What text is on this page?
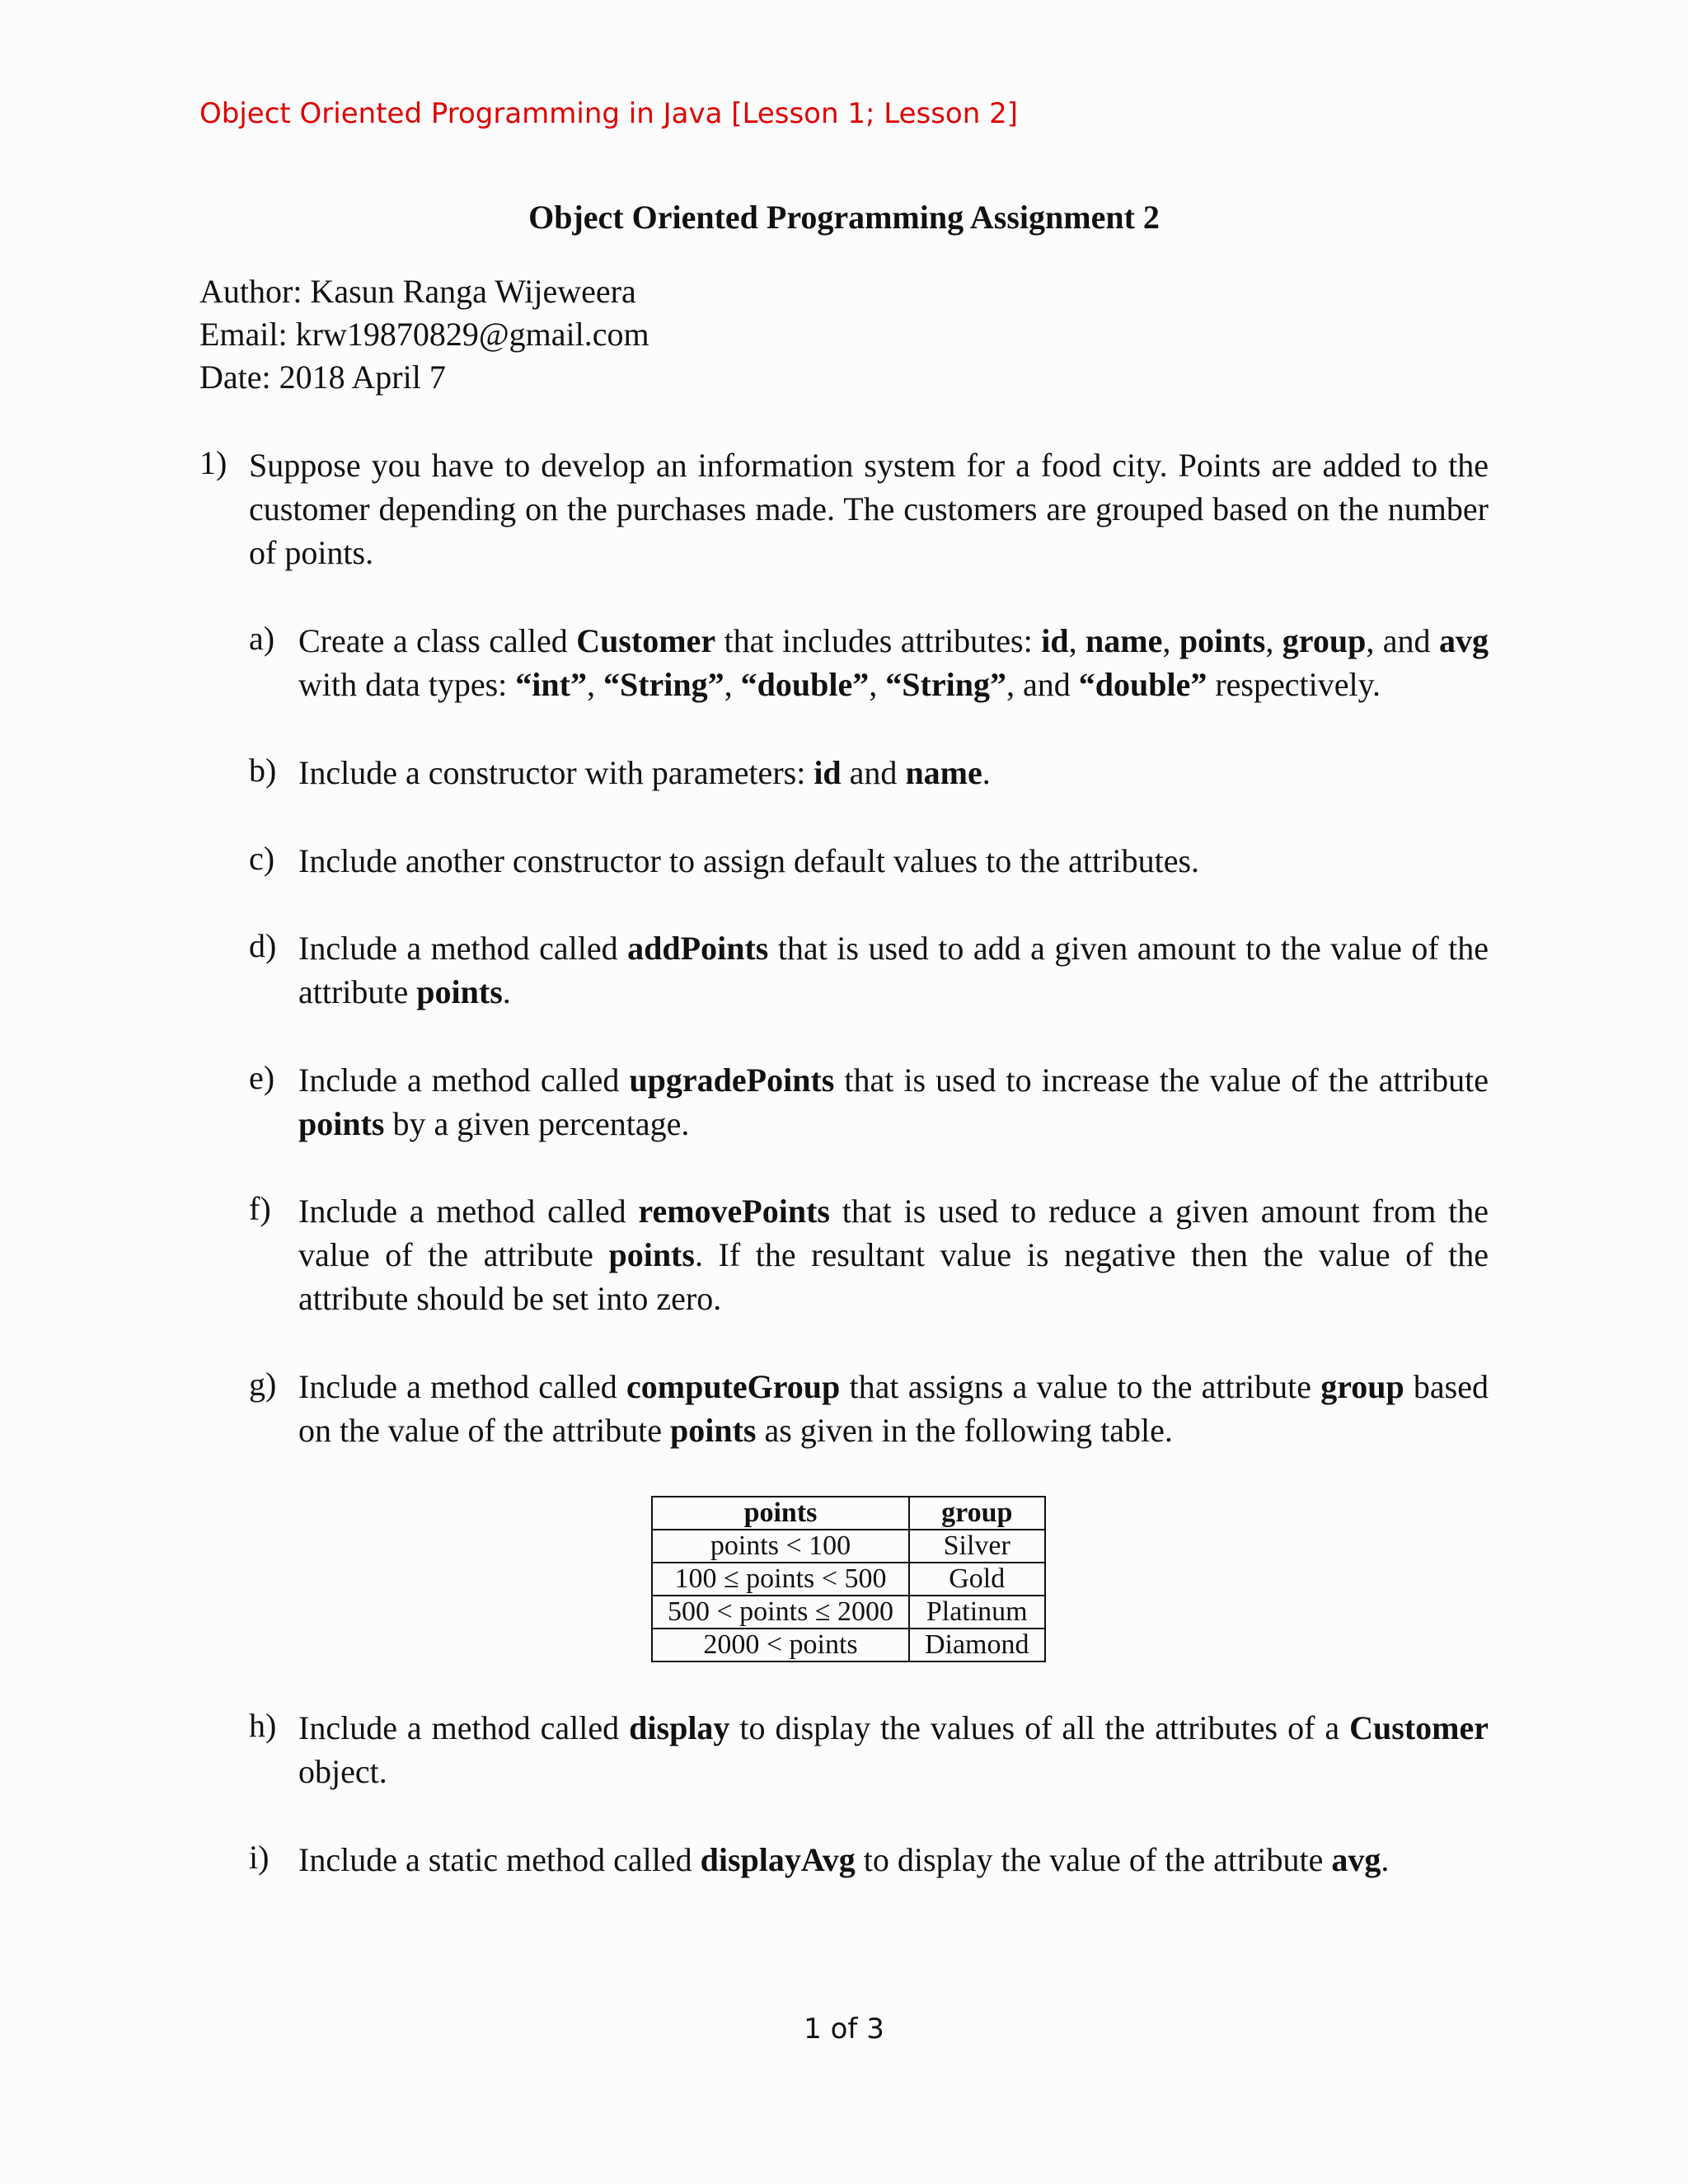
Object Oriented Programming in Java [Lesson 1; Lesson 2]
Object Oriented Programming Assignment 2
Author: Kasun Ranga Wijeweera
Email: krw19870829@gmail.com
Date: 2018 April 7
1) Suppose you have to develop an information system for a food city. Points are added to the customer depending on the purchases made. The customers are grouped based on the number of points.
a) Create a class called Customer that includes attributes: id, name, points, group, and avg with data types: “int”, “String”, “double”, “String”, and “double” respectively.
b) Include a constructor with parameters: id and name.
c) Include another constructor to assign default values to the attributes.
d) Include a method called addPoints that is used to add a given amount to the value of the attribute points.
e) Include a method called upgradePoints that is used to increase the value of the attribute points by a given percentage.
f) Include a method called removePoints that is used to reduce a given amount from the value of the attribute points. If the resultant value is negative then the value of the attribute should be set into zero.
g) Include a method called computeGroup that assigns a value to the attribute group based on the value of the attribute points as given in the following table.
points	group
points < 100	Silver
100 ≤ points < 500	Gold
500 < points ≤ 2000	Platinum
2000 < points	Diamond
h) Include a method called display to display the values of all the attributes of a Customer object.
i) Include a static method called displayAvg to display the value of the attribute avg.
1 of 3
